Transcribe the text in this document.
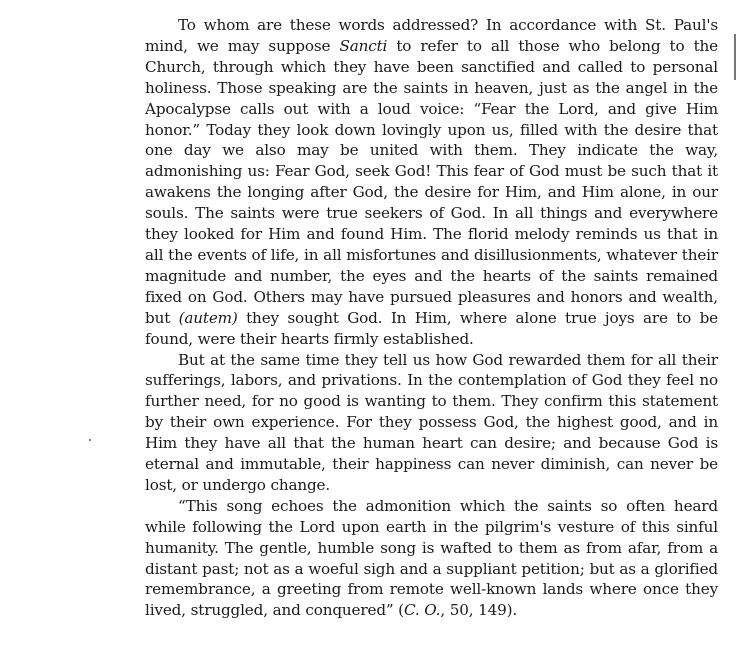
To whom are these words addressed? In accordance with St. Paul's mind, we may suppose Sancti to refer to all those who belong to the Church, through which they have been sanctified and called to personal holiness. Those speaking are the saints in heaven, just as the angel in the Apocalypse calls out with a loud voice: “Fear the Lord, and give Him honor.” Today they look down lovingly upon us, filled with the desire that one day we also may be united with them. They indicate the way, admonishing us: Fear God, seek God! This fear of God must be such that it awakens the longing after God, the desire for Him, and Him alone, in our souls. The saints were true seekers of God. In all things and everywhere they looked for Him and found Him. The florid melody reminds us that in all the events of life, in all misfortunes and disillusionments, whatever their magnitude and number, the eyes and the hearts of the saints remained fixed on God. Others may have pursued pleasures and honors and wealth, but (autem) they sought God. In Him, where alone true joys are to be found, were their hearts firmly established.

But at the same time they tell us how God rewarded them for all their sufferings, labors, and privations. In the contemplation of God they feel no further need, for no good is wanting to them. They confirm this statement by their own experience. For they possess God, the highest good, and in Him they have all that the human heart can desire; and because God is eternal and immutable, their happiness can never diminish, can never be lost, or undergo change.

“This song echoes the admonition which the saints so often heard while following the Lord upon earth in the pilgrim's vesture of this sinful humanity. The gentle, humble song is wafted to them as from afar, from a distant past; not as a woeful sigh and a suppliant petition; but as a glorified remembrance, a greeting from remote well-known lands where once they lived, struggled, and conquered” (C. O., 50, 149).
